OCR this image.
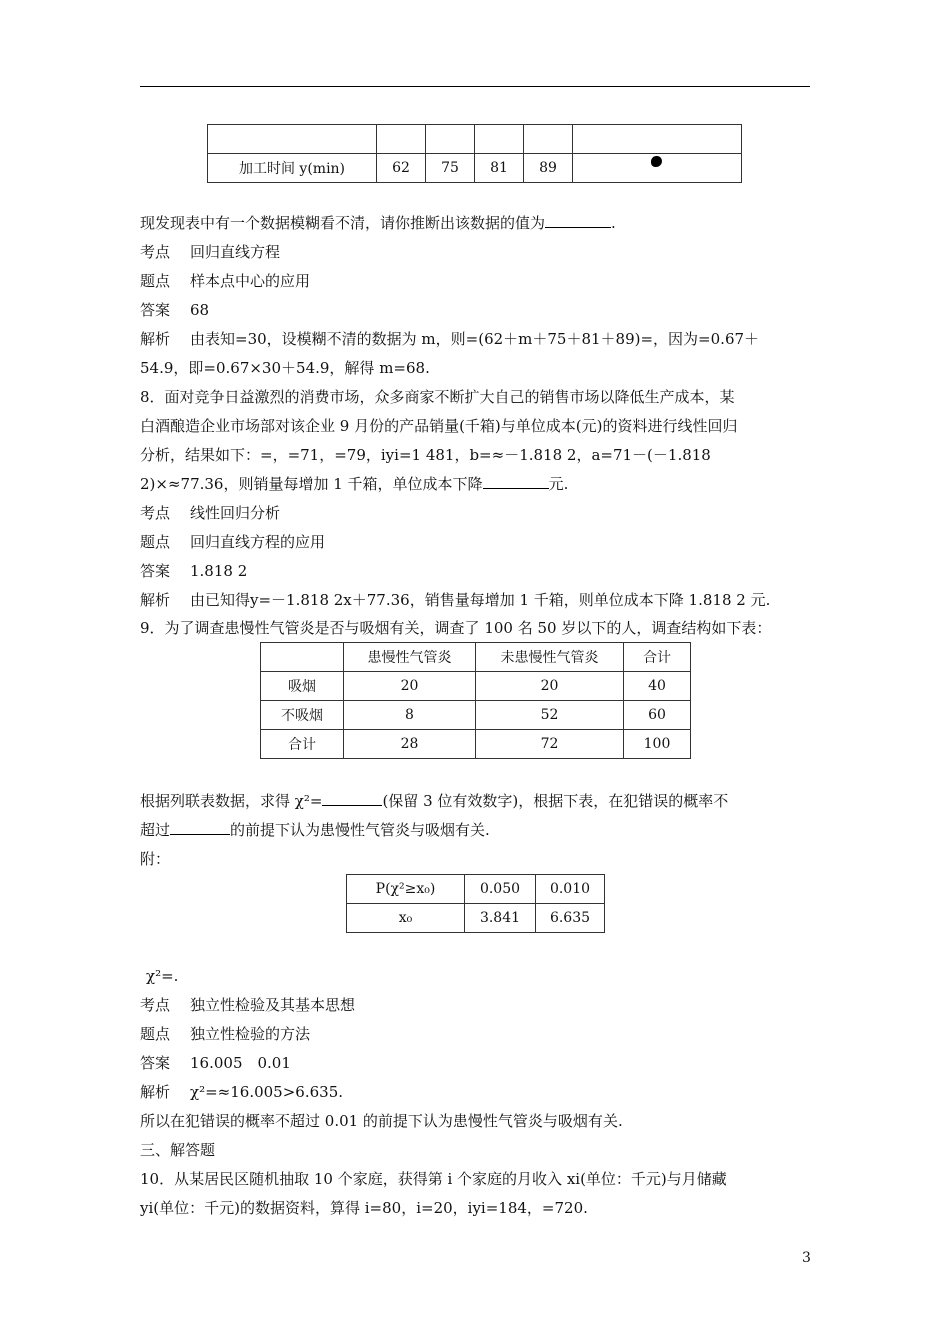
加工时间 y(min)	62	75	81	89	
现发现表中有一个数据模糊看不清，请你推断出该数据的值为	.
考点 回归直线方程
题点 样本点中心的应用
答案 68
解析 由表知=30，设模糊不清的数据为 m，则=(62＋m＋75＋81＋89)=，因为=0.67＋
54.9，即=0.67×30＋54.9，解得 m=68.
8．面对竞争日益激烈的消费市场，众多商家不断扩大自己的销售市场以降低生产成本，某
白酒酿造企业市场部对该企业 9 月份的产品销量(千箱)与单位成本(元)的资料进行线性回归
分析，结果如下：=，=71，=79，iyi=1 481，b=≈－1.818 2，a=71－(－1.818
2)×≈77.36，则销量每增加 1 千箱，单位成本下降	元.
考点 线性回归分析
题点 回归直线方程的应用
答案 1.818 2
解析 由已知得y=－1.818 2x＋77.36，销售量每增加 1 千箱，则单位成本下降 1.818 2 元.
9．为了调查患慢性气管炎是否与吸烟有关，调查了 100 名 50 岁以下的人，调查结构如下表：
	患慢性气管炎	未患慢性气管炎	合计
吸烟	20	20	40
不吸烟	8	52	60
合计	28	72	100
根据列联表数据，求得 χ²=	(保留 3 位有效数字)，根据下表，在犯错误的概率不
超过	的前提下认为患慢性气管炎与吸烟有关.
附：
P(χ²≥x₀)	0.050	0.010
x₀	3.841	6.635
χ²=.
考点 独立性检验及其基本思想
题点 独立性检验的方法
答案 16.005　0.01
解析 χ²=≈16.005>6.635.
所以在犯错误的概率不超过 0.01 的前提下认为患慢性气管炎与吸烟有关.
三、解答题
10．从某居民区随机抽取 10 个家庭，获得第 i 个家庭的月收入 xi(单位：千元)与月储藏
yi(单位：千元)的数据资料，算得 i=80，i=20，iyi=184，=720.
3
